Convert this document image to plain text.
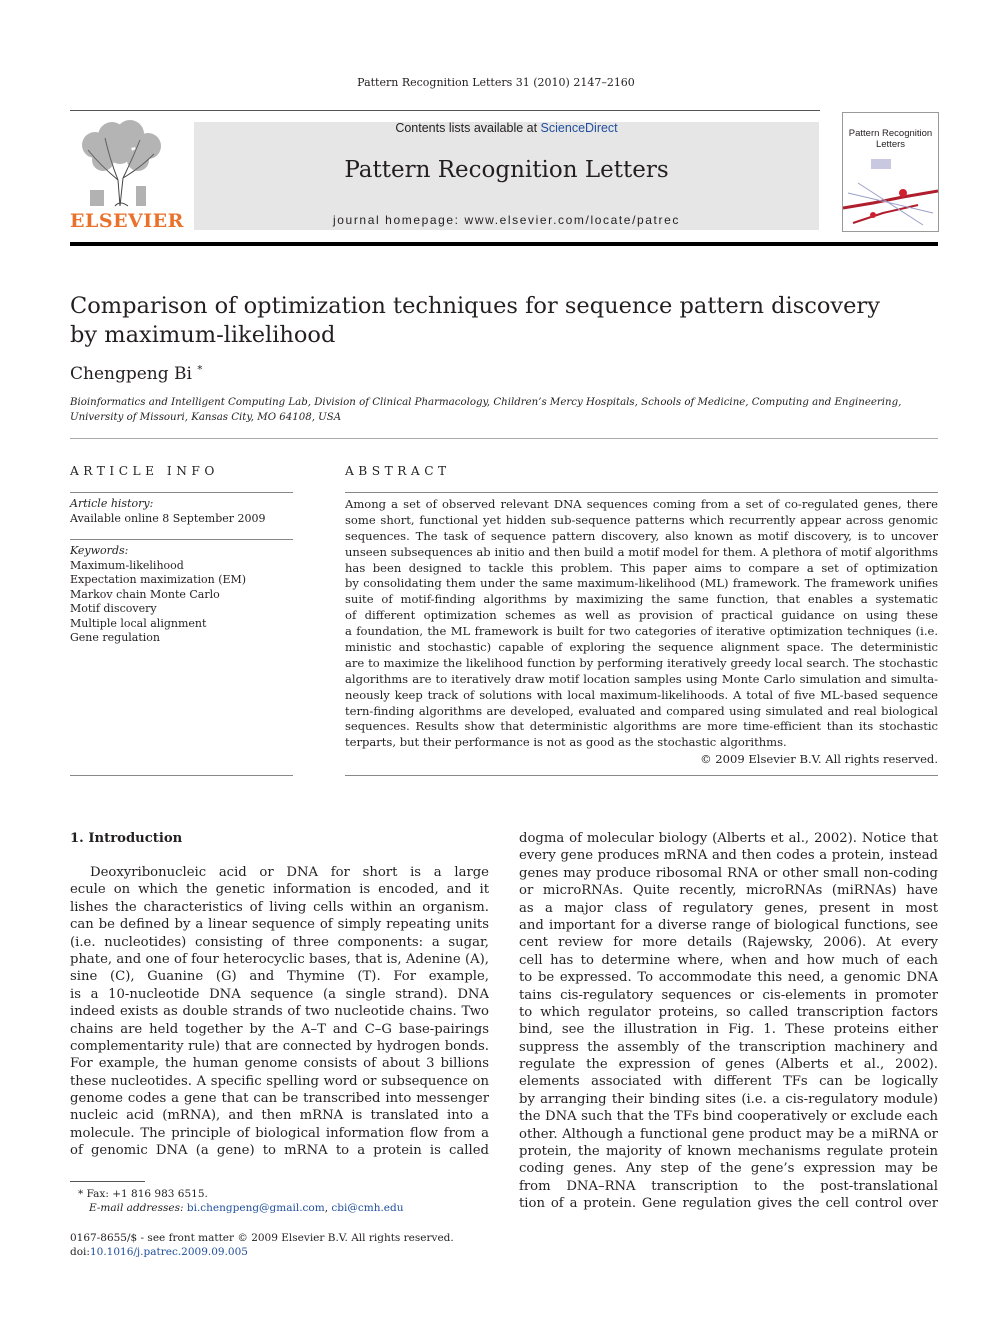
Pattern Recognition Letters 31 (2010) 2147–2160
ELSEVIER
Contents lists available at ScienceDirect
Pattern Recognition Letters
journal homepage: www.elsevier.com/locate/patrec
Pattern Recognition Letters
Comparison of optimization techniques for sequence pattern discovery
by maximum-likelihood
Chengpeng Bi *
Bioinformatics and Intelligent Computing Lab, Division of Clinical Pharmacology, Children’s Mercy Hospitals, Schools of Medicine, Computing and Engineering,
University of Missouri, Kansas City, MO 64108, USA
ARTICLE INFO
Article history:
Available online 8 September 2009
Keywords:
Maximum-likelihood
Expectation maximization (EM)
Markov chain Monte Carlo
Motif discovery
Multiple local alignment
Gene regulation
ABSTRACT
Among a set of observed relevant DNA sequences coming from a set of co-regulated genes, there
some short, functional yet hidden sub-sequence patterns which recurrently appear across genomic
sequences. The task of sequence pattern discovery, also known as motif discovery, is to uncover
unseen subsequences ab initio and then build a motif model for them. A plethora of motif algorithms
has been designed to tackle this problem. This paper aims to compare a set of optimization
by consolidating them under the same maximum-likelihood (ML) framework. The framework unifies
suite of motif-finding algorithms by maximizing the same function, that enables a systematic
of different optimization schemes as well as provision of practical guidance on using these
a foundation, the ML framework is built for two categories of iterative optimization techniques (i.e.
ministic and stochastic) capable of exploring the sequence alignment space. The deterministic
are to maximize the likelihood function by performing iteratively greedy local search. The stochastic
algorithms are to iteratively draw motif location samples using Monte Carlo simulation and simulta-
neously keep track of solutions with local maximum-likelihoods. A total of five ML-based sequence
tern-finding algorithms are developed, evaluated and compared using simulated and real biological
sequences. Results show that deterministic algorithms are more time-efficient than its stochastic
terparts, but their performance is not as good as the stochastic algorithms.
© 2009 Elsevier B.V. All rights reserved.
1. Introduction
Deoxyribonucleic acid or DNA for short is a large
ecule on which the genetic information is encoded, and it
lishes the characteristics of living cells within an organism.
can be defined by a linear sequence of simply repeating units
(i.e. nucleotides) consisting of three components: a sugar,
phate, and one of four heterocyclic bases, that is, Adenine (A),
sine (C), Guanine (G) and Thymine (T). For example,
is a 10-nucleotide DNA sequence (a single strand). DNA
indeed exists as double strands of two nucleotide chains. Two
chains are held together by the A–T and C–G base-pairings
complementarity rule) that are connected by hydrogen bonds.
For example, the human genome consists of about 3 billions
these nucleotides. A specific spelling word or subsequence on
genome codes a gene that can be transcribed into messenger
nucleic acid (mRNA), and then mRNA is translated into a
molecule. The principle of biological information flow from a
of genomic DNA (a gene) to mRNA to a protein is called
dogma of molecular biology (Alberts et al., 2002). Notice that
every gene produces mRNA and then codes a protein, instead
genes may produce ribosomal RNA or other small non-coding
or microRNAs. Quite recently, microRNAs (miRNAs) have
as a major class of regulatory genes, present in most
and important for a diverse range of biological functions, see
cent review for more details (Rajewsky, 2006). At every
cell has to determine where, when and how much of each
to be expressed. To accommodate this need, a genomic DNA
tains cis-regulatory sequences or cis-elements in promoter
to which regulator proteins, so called transcription factors
bind, see the illustration in Fig. 1. These proteins either
suppress the assembly of the transcription machinery and
regulate the expression of genes (Alberts et al., 2002).
elements associated with different TFs can be logically
by arranging their binding sites (i.e. a cis-regulatory module)
the DNA such that the TFs bind cooperatively or exclude each
other. Although a functional gene product may be a miRNA or
protein, the majority of known mechanisms regulate protein
coding genes. Any step of the gene’s expression may be
from DNA–RNA transcription to the post-translational
tion of a protein. Gene regulation gives the cell control over
* Fax: +1 816 983 6515.
E-mail addresses: bi.chengpeng@gmail.com, cbi@cmh.edu
0167-8655/$ - see front matter © 2009 Elsevier B.V. All rights reserved.
doi:10.1016/j.patrec.2009.09.005
